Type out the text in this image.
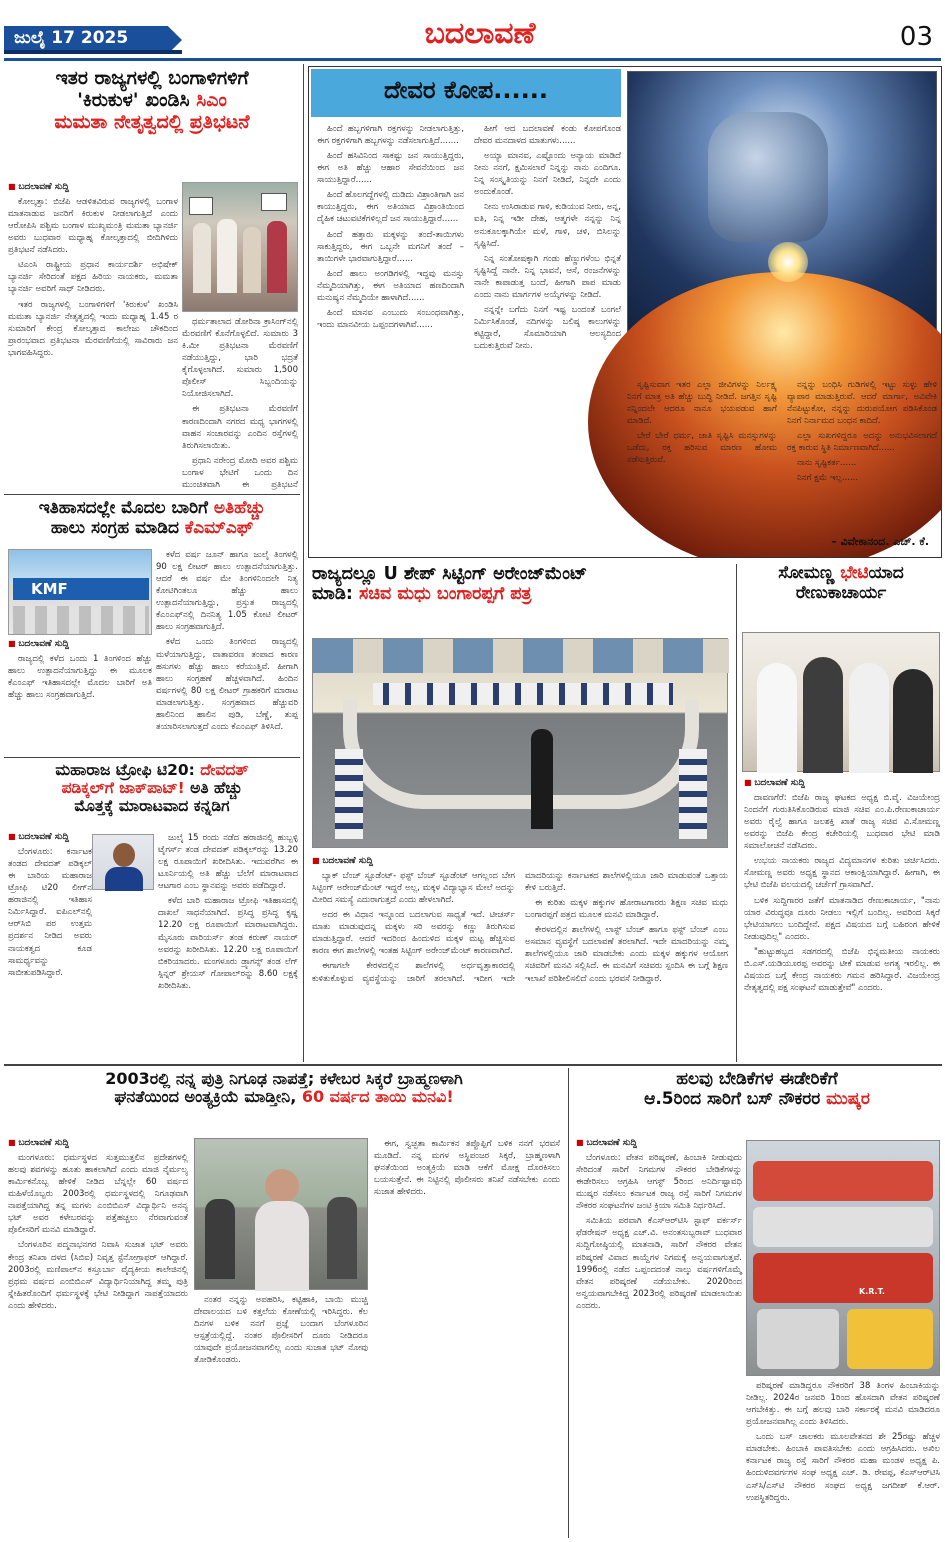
ಜುಲೈ 17 2025	ಬದಲಾವಣೆ	03
ಇತರ ರಾಜ್ಯಗಳಲ್ಲಿ ಬಂಗಾಳಿಗಳಿಗೆ
'ಕಿರುಕುಳ' ಖಂಡಿಸಿ ಸಿಎಂ
ಮಮತಾ ನೇತೃತ್ವದಲ್ಲಿ ಪ್ರತಿಭಟನೆ
■ ಬದಲಾವಣೆ ಸುದ್ದಿ

ಕೋಲ್ಕತ್ತಾ: ಬಿಜೆಪಿ ಆಡಳಿತವಿರುವ ರಾಜ್ಯಗಳಲ್ಲಿ ಬಂಗಾಳ ಮಾತನಾಡುವ ಜನರಿಗೆ ಕಿರುಕುಳ ನೀಡಲಾಗುತ್ತಿದೆ ಎಂದು ಆರೋಪಿಸಿ ಪಶ್ಚಿಮ ಬಂಗಾಳ ಮುಖ್ಯಮಂತ್ರಿ ಮಮತಾ ಬ್ಯಾನರ್ಜಿ ಅವರು ಬುಧವಾರ ಮಧ್ಯಾಹ್ನ ಕೋಲ್ಕತ್ತಾದಲ್ಲಿ ಬೀದಿಗಿಳಿದು ಪ್ರತಿಭಟನೆ ನಡೆಸಿದರು.

ಟಿಎಂಸಿ ರಾಷ್ಟ್ರೀಯ ಪ್ರಧಾನ ಕಾರ್ಯದರ್ಶಿ ಅಭಿಷೇಕ್ ಬ್ಯಾನರ್ಜಿ ಸೇರಿದಂತೆ ಪಕ್ಷದ ಹಿರಿಯ ನಾಯಕರು, ಮಮತಾ ಬ್ಯಾನರ್ಜಿ ಅವರಿಗೆ ಸಾಥ್ ನೀಡಿದರು.

ಇತರ ರಾಜ್ಯಗಳಲ್ಲಿ ಬಂಗಾಳಿಗಳಿಗೆ 'ಕಿರುಕುಳ' ಖಂಡಿಸಿ ಮಮತಾ ಬ್ಯಾನರ್ಜಿ ನೇತೃತ್ವದಲ್ಲಿ ಇಂದು ಮಧ್ಯಾಹ್ನ 1.45 ರ ಸುಮಾರಿಗೆ ಕೇಂದ್ರ ಕೋಲ್ಕತ್ತಾದ ಕಾಲೇಜು ಚೌಕದಿಂದ ಪ್ರಾರಂಭವಾದ ಪ್ರತಿಭಟನಾ ಮೆರವಣಿಗೆಯಲ್ಲಿ ಸಾವಿರಾರು ಜನ ಭಾಗವಹಿಸಿದ್ದರು.

ಧರ್ಮತಾಲಾದ ಡೋರಿನಾ ಕ್ರಾಸಿಂಗ್‌ನಲ್ಲಿ ಮೆರವಣಿಗೆ ಕೊನೆಗೊಳ್ಳಲಿದೆ. ಸುಮಾರು 3 ಕಿ.ಮೀ ಪ್ರತಿಭಟನಾ ಮೆರವಣಿಗೆ ನಡೆಯುತ್ತಿದ್ದು, ಭಾರಿ ಭದ್ರತೆ ಕೈಗೊಳ್ಳಲಾಗಿದೆ. ಸುಮಾರು 1,500 ಪೊಲೀಸ್ ಸಿಬ್ಬಂದಿಯನ್ನು ನಿಯೋಜಿಸಲಾಗಿದೆ.

ಈ ಪ್ರತಿಭಟನಾ ಮೆರವಣಿಗೆ ಕಾರಣದಿಂದಾಗಿ ನಗರದ ಮಧ್ಯ ಭಾಗಗಳಲ್ಲಿ ವಾಹನ ಸಂಚಾರವನ್ನು ಎಂದಿನ ರಸ್ತೆಗಳಲ್ಲಿ ತಿರುಗಿಸಲಾಯಿತು.

ಪ್ರಧಾನಿ ನರೇಂದ್ರ ಮೋದಿ ಅವರ ಪಶ್ಚಿಮ ಬಂಗಾಳ ಭೇಟಿಗೆ ಒಂದು ದಿನ ಮುಂಚಿತವಾಗಿ ಈ ಪ್ರತಿಭಟನೆ

ಇತಿಹಾಸದಲ್ಲೇ ಮೊದಲ ಬಾರಿಗೆ ಅತಿಹೆಚ್ಚು
ಹಾಲು ಸಂಗ್ರಹ ಮಾಡಿದ ಕೆಎಮ್‌ಎಫ್
KMF
■ ಬದಲಾವಣೆ ಸುದ್ದಿ

ರಾಜ್ಯದಲ್ಲಿ ಕಳೆದ ಒಂದು 1 ತಿಂಗಳಿಂದ ಹೆಚ್ಚು ಹಾಲು ಉತ್ಪಾದನೆಯಾಗುತ್ತಿದ್ದು ಈ ಮೂಲಕ ಕೆಎಂಎಫ್ ಇತಿಹಾಸದಲ್ಲೇ ಮೊದಲ ಬಾರಿಗೆ ಅತಿ ಹೆಚ್ಚು ಹಾಲು ಸಂಗ್ರಹವಾಗುತ್ತಿದೆ.

ಕಳೆದ ವರ್ಷ ಜೂನ್ ಹಾಗೂ ಜುಲೈ ತಿಂಗಳಲ್ಲಿ 90 ಲಕ್ಷ ಲೀಟರ್ ಹಾಲು ಉತ್ಪಾದನೆಯಾಗುತ್ತಿತ್ತು. ಆದರೆ ಈ ವರ್ಷ ಮೇ ತಿಂಗಳಿನಿಂದಲೇ ನಿತ್ಯ ಕೋಟಿಗಿಂತಲೂ ಹೆಚ್ಚು ಹಾಲು ಉತ್ಪಾದನೆಯಾಗುತ್ತಿದ್ದು, ಪ್ರಸ್ತುತ ರಾಜ್ಯದಲ್ಲಿ ಕೆಎಂಎಫ್‌ನಲ್ಲಿ ದಿನನಿತ್ಯ 1.05 ಕೋಟಿ ಲೀಟರ್ ಹಾಲು ಸಂಗ್ರಹವಾಗುತ್ತಿದೆ.

ಕಳೆದ ಒಂದು ತಿಂಗಳಿಂದ ರಾಜ್ಯದಲ್ಲಿ ಮಳೆಯಾಗುತ್ತಿದ್ದು, ವಾತಾವರಣ ತಂಪಾದ ಕಾರಣ ಹಸುಗಳು ಹೆಚ್ಚು ಹಾಲು ಕರೆಯುತ್ತಿವೆ. ಹೀಗಾಗಿ ಹಾಲು ಸಂಗ್ರಹಣೆ ಹೆಚ್ಚಳವಾಗಿದೆ. ಹಿಂದಿನ ವರ್ಷಗಳಲ್ಲಿ 80 ಲಕ್ಷ ಲೀಟರ್ ಗ್ರಾಹಕರಿಗೆ ಮಾರಾಟ ಮಾಡಲಾಗುತ್ತಿತ್ತು. ಸಂಗ್ರಹವಾದ ಹೆಚ್ಚುವರಿ ಹಾಲಿನಿಂದ ಹಾಲಿನ ಪುಡಿ, ಬೆಣ್ಣೆ, ತುಪ್ಪ ತಯಾರಿಸಲಾಗುತ್ತದೆ ಎಂದು ಕೆಎಂಎಫ್ ತಿಳಿಸಿದೆ.

ಮಹಾರಾಜ ಟ್ರೋಫಿ ಟಿ20: ದೇವದತ್
ಪಡಿಕ್ಕಲ್‌ಗೆ ಜಾಕ್‌ಪಾಟ್! ಅತಿ ಹೆಚ್ಚು
ಮೊತ್ತಕ್ಕೆ ಮಾರಾಟವಾದ ಕನ್ನಡಿಗ
■ ಬದಲಾವಣೆ ಸುದ್ದಿ

ಬೆಂಗಳೂರು: ಕರ್ನಾಟಕ ತಂಡದ ದೇವದತ್ ಪಡಿಕ್ಕಲ್ ಈ ಬಾರಿಯ ಮಹಾರಾಜ ಟ್ರೋಫಿ ಟಿ20 ಲೀಗ್‌ನ ಹರಾಜಿನಲ್ಲಿ ಇತಿಹಾಸ ನಿರ್ಮಿಸಿದ್ದಾರೆ. ಐಪಿಎಲ್‌ನಲ್ಲಿ ಆರ್‌ಸಿಬಿ ಪರ ಉತ್ತಮ ಪ್ರದರ್ಶನ ನೀಡಿದ ಅವರು ನಾಯಕತ್ವದ ಕೂಡ ಸಾಮರ್ಥ್ಯವನ್ನು ಸಾಬೀತುಪಡಿಸಿದ್ದಾರೆ.

ಜುಲೈ 15 ರಂದು ನಡೆದ ಹರಾಜಿನಲ್ಲಿ ಹುಬ್ಬಳ್ಳಿ ಟೈಗರ್ಸ್ ತಂಡ ದೇವದತ್ ಪಡಿಕ್ಕಲ್‌ರನ್ನು 13.20 ಲಕ್ಷ ರೂಪಾಯಿಗೆ ಖರೀದಿಸಿತು. ಇದುವರೆಗಿನ ಈ ಟೂರ್ನಿಯಲ್ಲಿ ಅತಿ ಹೆಚ್ಚು ಬೆಲೆಗೆ ಮಾರಾಟವಾದ ಆಟಗಾರ ಎಂಬ ಸ್ಥಾನವನ್ನು ಅವರು ಪಡೆದಿದ್ದಾರೆ.

ಕಳೆದ ಬಾರಿ ಮಹಾರಾಜ ಟ್ರೋಫಿ ಇತಿಹಾಸದಲ್ಲಿ ದಾಖಲೆ ಸಾಧನೆಯಾಗಿದೆ. ಪ್ರಸಿದ್ಧ ಪ್ರಸಿದ್ಧ ಕೃಷ್ಣ 12.20 ಲಕ್ಷ ರೂಪಾಯಿಗೆ ಮಾರಾಟವಾಗಿದ್ದರು. ಮೈಸೂರು ವಾರಿಯರ್ಸ್ ತಂಡ ಕರುಣ್ ನಾಯರ್ ಅವರನ್ನು ಖರೀದಿಸಿತು. 12.20 ಲಕ್ಷ ರೂಪಾಯಿಗೆ ಬಿಕರಿಯಾದರು. ಮಂಗಳೂರು ಡ್ರ್ಯಾಗನ್ಸ್ ತಂಡ ಲೆಗ್ ಸ್ಪಿನ್ನರ್ ಶ್ರೇಯಸ್ ಗೋಪಾಲ್‌ರನ್ನು 8.60 ಲಕ್ಷಕ್ಕೆ ಖರೀದಿಸಿತು.

ದೇವರ ಕೋಪ......

ಹಿಂದೆ ಹಬ್ಬಗಳಿಗಾಗಿ ರಕ್ತಗಳನ್ನು ನೀಡಲಾಗುತ್ತಿತ್ತು, ಈಗ ರಕ್ತಗಳಿಗಾಗಿ ಹಬ್ಬಗಳನ್ನು ನಡೆಸಲಾಗುತ್ತಿದೆ.......

ಹಿಂದೆ ಹಸಿವಿನಿಂದ ಸಾಕಷ್ಟು ಜನ ಸಾಯುತ್ತಿದ್ದರು, ಈಗ ಅತಿ ಹೆಚ್ಚು ಆಹಾರ ಸೇವನೆಯಿಂದ ಜನ ಸಾಯುತ್ತಿದ್ದಾರೆ......

ಹಿಂದೆ ಹೊಲಗದ್ದೆಗಳಲ್ಲಿ ದುಡಿದು ವಿಶ್ರಾಂತಿಗಾಗಿ ಜನ ಕಾಯುತ್ತಿದ್ದರು, ಈಗ ಅತಿಯಾದ ವಿಶ್ರಾಂತಿಯಿಂದ ದೈಹಿಕ ಚಟುವಟಿಕೆಗಳಿಲ್ಲದೆ ಜನ ಸಾಯುತ್ತಿದ್ದಾರೆ......

ಹಿಂದೆ ಹತ್ತಾರು ಮಕ್ಕಳನ್ನು ತಂದೆ-ತಾಯಿಗಳು ಸಾಕುತ್ತಿದ್ದರು, ಈಗ ಒಬ್ಬನೇ ಮಗನಿಗೆ ತಂದೆ – ತಾಯಿಗಳೇ ಭಾರವಾಗುತ್ತಿದ್ದಾರೆ......

ಹಿಂದೆ ಹಾಲು ಅಂಗಡಿಗಳಲ್ಲಿ ಇದ್ದವು ಮನಸ್ಸು ನೆಮ್ಮದಿಯಾಗಿತ್ತು, ಈಗ ಅತಿಯಾದ ಹಣದಿಂದಾಗಿ ಮನುಷ್ಯನ ನೆಮ್ಮದಿಯೇ ಹಾಳಾಗಿದೆ......

ಹಿಂದೆ ಮಾನವ ಎಂಬುದು ಸಂಬಂಧವಾಗಿತ್ತು, ಇಂದು ಮಾನವೀಯ ಒಪ್ಪಂದಗಳಾಗಿವೆ......

ಹೀಗೆ ಆದ ಬದಲಾವಣೆ ಕಂಡು ಕೋಪಗೊಂಡ ದೇವರ ಮನದಾಳದ ಮಾತುಗಳು......

ಅಯ್ಯಾ ಮಾನವ, ಎಷ್ಟೊಂದು ಅನ್ಯಾಯ ಮಾಡಿದೆ ನೀನು ನನಗೆ, ಕ್ಷಮಿಸಲಾರೆ ನಿನ್ನನ್ನು ನಾನು ಎಂದಿಗೂ. ನಿನ್ನ ಸಂಸ್ಕೃತಿಯನ್ನು ನಿನಗೆ ನೀಡಿದೆ, ನಿನ್ನದೇ ಎಂದು ಅಂದುಕೊಂಡೆ.

ನೀನು ಉಸಿರಾಡುವ ಗಾಳಿ, ಕುಡಿಯುವ ನೀರು, ಅನ್ನ, ಐತಿ, ನಿನ್ನ ಇಡೀ ದೇಹ, ಆತ್ಮಗಳೇ ನನ್ನನ್ನು ನಿನ್ನ ಅನುಕೂಲಕ್ಕಾಗಿಯೇ ಮಳೆ, ಗಾಳಿ, ಚಳಿ, ಬಿಸಿಲನ್ನು ಸೃಷ್ಟಿಸಿದೆ.

ನಿನ್ನ ಸಂತೋಷಕ್ಕಾಗಿ ಗಂಡು ಹೆಣ್ಣುಗಳೆಂಬ ಭಿನ್ನತೆ ಸೃಷ್ಟಿಸಿದ್ದೆ ನಾನೇ. ನಿನ್ನ ಭಾವನೆ, ಆಸೆ, ರಂಜನೆಗಳನ್ನು ನಾನೇ ಕಾಪಾಡುತ್ತ ಬಂದೆ, ಹೀಗಾಗಿ ಪಾಪ ಮಾಡು ಎಂದು ನಾನು ಮಾರ್ಗಗಳ ಅಯ್ಕೆಗಳನ್ನು ನೀಡಿದೆ.

ನನ್ನನ್ನೇ ಬಗೆದು ನಿನಗೆ ಇಷ್ಟ ಬಂದಂತೆ ಬಂಗಲೆ ನಿರ್ಮಿಸಿಕೊಂಡೆ, ನದಿಗಳನ್ನು ಬಲಿಷ್ಠ ಕಾಲುಗಳನ್ನು ಕಟ್ಟಿದ್ದಾರೆ, ಸೊಮಾರಿಯಾಗಿ ಆಲಸ್ಯದಿಂದ ಬದುಕುತ್ತಿರುವೆ ನೀನು.

ಸೃಷ್ಟಿಸುವಾಗ ಇತರ ಎಲ್ಲಾ ಜೀವಿಗಳನ್ನು ನಿರ್ಲಕ್ಷ್ಯ ನಿನಗೆ ಮಾತ್ರ ಅತಿ ಹೆಚ್ಚು ಬುದ್ಧಿ ನೀಡಿದೆ. ಜಗತ್ತಿನ ಸೃಷ್ಟಿ ನನ್ನಿಂದಲೇ ಆದರೂ ನಾನೂ ಭಯಪಡುವ ಹಾಗೆ ಮಾಡಿದೆ.

ಬೇರೆ ಬೇರೆ ಧರ್ಮ, ಜಾತಿ ಸೃಷ್ಟಿಸಿ ಮನಸ್ಸುಗಳನ್ನು ಒಡೆದು, ರಕ್ತ ಹರಿಸುವ ಮಾರಣ ಹೋಮ ನಡೆಸುತ್ತಿರುವೆ.

ನನ್ನನ್ನು ಬಂಧಿಸಿ ಗುಡಿಗಳಲ್ಲಿ ಇಟ್ಟು ಸುಳ್ಳು ಹೇಳಿ ವ್ಯಾಪಾರ ಮಾಡುತ್ತಿರುವೆ. ಆದರೆ ಮಾರ್ಗಾ, ಅವಿವೇಕಿ ನೆನಪಿಟ್ಟುಕೋ, ನನ್ನನ್ನು ದುರುಪಯೋಗ ಪಡಿಸಿಕೊಂಡ ನಿನಗೆ ನಿರ್ನಾಮದ ಬಂಧನ ಕಾದಿದೆ.

ಎಲ್ಲಾ ಸುಖಗಳಿದ್ದರೂ ಅದನ್ನು ಅನುಭವಿಸಲಾಗದೆ ರಕ್ತ ಕಾರುವ ಸ್ಥಿತಿ ನಿರ್ಮಾಣವಾಗಿದೆ......

ನಾನು ಸೃಷ್ಟಿಕರ್ತ......

ನಿನಗೆ ಕ್ಷಮೆ ಇಲ್ಲ......

– ವಿವೇಕಾನಂದ. ಎಚ್. ಕೆ.
ರಾಜ್ಯದಲ್ಲೂ U ಶೇಪ್ ಸಿಟ್ಟಿಂಗ್ ಅರೇಂಜ್‌ಮೆಂಟ್
ಮಾಡಿ: ಸಚಿವ ಮಧು ಬಂಗಾರಪ್ಪಗೆ ಪತ್ರ
■ ಬದಲಾವಣೆ ಸುದ್ದಿ

ಬ್ಯಾಕ್ ಬೆಂಚ್ ಸ್ಟೂಡೆಂಟ್- ಫಸ್ಟ್ ಬೆಂಚ್ ಸ್ಟೂಡೆಂಟ್ ಆಗಲ್ಲಂದ ಬೇಗ ಸಿಟ್ಟಿಂಗ್ ಅರೇಂಜ್‌ಮೆಂಟ್ ಇದ್ದರೆ ಅಲ್ಲ, ಮಕ್ಕಳ ವಿದ್ಯಾಭ್ಯಾಸ ಮೇಲೆ ಅದನ್ನು ಮೀರಿದ ಸಮಸ್ಯೆ ಎದುರಾಗುತ್ತದೆ ಎಂದು ಹೇಳಲಾಗಿದೆ.

ಅದರ ಈ ವಿಧಾನ ಇನ್ನೂಂದ ಬದಲಾಗುವ ಸಾಧ್ಯತೆ ಇದೆ. ಟೀಚರ್ಸ್ ಮಾತು ಮಾಡುವುದನ್ನ ಮಕ್ಕಳು ಸರಿ ಅವರನ್ನು ಕಣ್ಣು ತಿರುಗಿಸುವ ಮಾಡುತ್ತಿದ್ದಾರೆ. ಆದರೆ ಇದರಿಂದ ಹಿಂದುಳಿದ ಮಕ್ಕಳ ಮಟ್ಟ ಹೆಚ್ಚಿಸುವ ಕಾರಣ ಈಗ ಶಾಲೆಗಳಲ್ಲಿ ಇಂತಹ ಸಿಟ್ಟಿಂಗ್ ಅರೇಂಜ್‌ಮೆಂಟ್ ಕಾರಣವಾಗಿದೆ.

ಈಗಾಗಲೇ ಕೇರಳದಲ್ಲಿನ ಶಾಲೆಗಳಲ್ಲಿ ಅರ್ಧವೃತ್ತಾಕಾರದಲ್ಲಿ ಕುಳಿತುಕೊಳ್ಳುವ ವ್ಯವಸ್ಥೆಯನ್ನು ಜಾರಿಗೆ ತರಲಾಗಿದೆ. ಇದೀಗ ಇದೇ ಮಾದರಿಯನ್ನು ಕರ್ನಾಟಕದ ಶಾಲೆಗಳಲ್ಲಿಯೂ ಜಾರಿ ಮಾಡುವಂತೆ ಒತ್ತಾಯ ಕೇಳಿ ಬರುತ್ತಿದೆ.

ಈ ಕುರಿತು ಮಕ್ಕಳ ಹಕ್ಕುಗಳ ಹೋರಾಟಗಾರರು ಶಿಕ್ಷಣ ಸಚಿವ ಮಧು ಬಂಗಾರಪ್ಪಗೆ ಪತ್ರದ ಮೂಲಕ ಮನವಿ ಮಾಡಿದ್ದಾರೆ.

ಕೇರಳದಲ್ಲಿನ ಶಾಲೆಗಳಲ್ಲಿ ಲಾಸ್ಟ್ ಬೆಂಚ್ ಹಾಗೂ ಫಸ್ಟ್ ಬೆಂಚ್ ಎಂಬ ಅಸಮಾನ ವ್ಯವಸ್ಥೆಗೆ ಬದಲಾವಣೆ ತರಲಾಗಿದೆ. ಇದೇ ಮಾದರಿಯನ್ನು ನಮ್ಮ ಶಾಲೆಗಳಲ್ಲಿಯೂ ಜಾರಿ ಮಾಡಬೇಕು ಎಂದು ಮಕ್ಕಳ ಹಕ್ಕುಗಳ ಆಯೋಗ ಸಚಿವರಿಗೆ ಮನವಿ ಸಲ್ಲಿಸಿದೆ. ಈ ಮನವಿಗೆ ಸಚಿವರು ಸ್ಪಂದಿಸಿ ಈ ಬಗ್ಗೆ ಶಿಕ್ಷಣ ಇಲಾಖೆ ಪರಿಶೀಲಿಸಲಿದೆ ಎಂದು ಭರವಸೆ ನೀಡಿದ್ದಾರೆ.

ಸೋಮಣ್ಣ ಭೇಟಿಯಾದ
ರೇಣುಕಾಚಾರ್ಯ
■ ಬದಲಾವಣೆ ಸುದ್ದಿ

ದಾವಣಗೆರೆ: ಬಿಜೆಪಿ ರಾಜ್ಯ ಘಟಕದ ಅಧ್ಯಕ್ಷ ಬಿ.ವೈ. ವಿಜಯೇಂದ್ರ ನಿಂದನೆಗೆ ಗುರುತಿಸಿಕೊಂಡಿರುವ ಮಾಜಿ ಸಚಿವ ಎಂ.ಪಿ.ರೇಣುಕಾಚಾರ್ಯ ಅವರು ರೈಲ್ವೆ ಹಾಗೂ ಜಲಶಕ್ತಿ ಖಾತೆ ರಾಜ್ಯ ಸಚಿವ ವಿ.ಸೋಮಣ್ಣ ಅವರನ್ನು ಬಿಜೆಪಿ ಕೇಂದ್ರ ಕಚೇರಿಯಲ್ಲಿ ಬುಧವಾರ ಭೇಟಿ ಮಾಡಿ ಸಮಾಲೋಚನೆ ನಡೆಸಿದರು.

ಉಭಯ ನಾಯಕರು ರಾಜ್ಯದ ವಿದ್ಯಮಾನಗಳ ಕುರಿತು ಚರ್ಚಿಸಿದರು. ಸೋಮಣ್ಣ ಅವರು ಅಧ್ಯಕ್ಷ ಸ್ಥಾನದ ಆಕಾಂಕ್ಷಿಯಾಗಿದ್ದಾರೆ. ಹೀಗಾಗಿ, ಈ ಭೇಟಿ ಬಿಜೆಪಿ ವಲಯದಲ್ಲಿ ಚರ್ಚೆಗೆ ಗ್ರಾಸವಾಗಿದೆ.

ಬಳಿಕ ಸುದ್ದಿಗಾರರ ಜತೆಗೆ ಮಾತನಾಡಿದ ರೇಣುಕಾಚಾರ್ಯ, "ನಾನು ಯಾರ ವಿರುದ್ಧವೂ ದೂರು ನೀಡಲು ಇಲ್ಲಿಗೆ ಬಂದಿಲ್ಲ. ಅವರಿಂದ ಸಿಕ್ಕರೆ ಭೇಟಿಯಾಗಲು ಬಂದಿದ್ದೇನೆ. ಪಕ್ಷದ ವಿಷಯದ ಬಗ್ಗೆ ಬಹಿರಂಗ ಹೇಳಿಕೆ ನೀಡುವುದಿಲ್ಲ" ಎಂದರು.

"ಹುಟ್ಟುಹಬ್ಬದ ಸಡಗರದಲ್ಲಿ ಬಿಜೆಪಿ ಭಿನ್ನಮತೀಯ ನಾಯಕರು ಬಿ.ಎಸ್.ಯಡಿಯೂರಪ್ಪ ಅವರನ್ನು ಟೀಕೆ ಮಾಡುವ ಅಗತ್ಯ ಇರಲಿಲ್ಲ. ಈ ವಿಷಯದ ಬಗ್ಗೆ ಕೇಂದ್ರ ನಾಯಕರು ಗಮನ ಹರಿಸಿದ್ದಾರೆ. ವಿಜಯೇಂದ್ರ ನೇತೃತ್ವದಲ್ಲಿ ಪಕ್ಷ ಸಂಘಟನೆ ಮಾಡುತ್ತೇವೆ" ಎಂದರು.

2003ರಲ್ಲಿ ನನ್ನ ಪುತ್ರಿ ನಿಗೂಢ ನಾಪತ್ತೆ; ಕಳೇಬರ ಸಿಕ್ಕರೆ ಬ್ರಾಹ್ಮಣಳಾಗಿ
ಘನತೆಯಿಂದ ಅಂತ್ಯಕ್ರಿಯೆ ಮಾಡ್ತೀನಿ, 60 ವರ್ಷದ ತಾಯಿ ಮನವಿ!
■ ಬದಲಾವಣೆ ಸುದ್ದಿ

ಮಂಗಳೂರು: ಧರ್ಮಸ್ಥಳದ ಸುತ್ತಮುತ್ತಲಿನ ಪ್ರದೇಶಗಳಲ್ಲಿ ಹಲವು ಶವಗಳನ್ನು ಹೂತು ಹಾಕಲಾಗಿದೆ ಎಂದು ಮಾಜಿ ನೈರ್ಮಲ್ಯ ಕಾರ್ಮಿಕನೊಬ್ಬ ಹೇಳಿಕೆ ನೀಡಿದ ಬೆನ್ನಲ್ಲೇ 60 ವರ್ಷದ ಮಹಿಳೆಯೊಬ್ಬರು 2003ರಲ್ಲಿ ಧರ್ಮಸ್ಥಳದಲ್ಲಿ ನಿಗೂಢವಾಗಿ ನಾಪತ್ತೆಯಾಗಿದ್ದ ತನ್ನ ಮಗಳು ಎಂಬಿಬಿಎಸ್ ವಿದ್ಯಾರ್ಥಿನಿ ಅನನ್ಯ ಭಟ್ ಅವರ ಕಳೇಬರವನ್ನು ಪತ್ತೆಹಚ್ಚಲು ನೆರವಾಗುವಂತೆ ಪೊಲೀಸರಿಗೆ ಮನವಿ ಮಾಡಿದ್ದಾರೆ.

ಬೆಂಗಳೂರಿನ ಪದ್ಮನಾಭನಗರ ನಿವಾಸಿ ಸುಜಾತ ಭಟ್ ಅವರು ಕೇಂದ್ರ ತನಿಖಾ ದಳದ (ಸಿಬಿಐ) ನಿವೃತ್ತ ಸ್ಟೆನೋಗ್ರಾಫರ್ ಆಗಿದ್ದಾರೆ. 2003ರಲ್ಲಿ ಮಣಿಪಾಲ್‌ನ ಕಸ್ತೂರ್ಬಾ ವೈದ್ಯಕೀಯ ಕಾಲೇಜಿನಲ್ಲಿ ಪ್ರಥಮ ವರ್ಷದ ಎಂಬಿಬಿಎಸ್ ವಿದ್ಯಾರ್ಥಿನಿಯಾಗಿದ್ದ ತಮ್ಮ ಪುತ್ರಿ ಸ್ನೇಹಿತರೊಂದಿಗೆ ಧರ್ಮಸ್ಥಳಕ್ಕೆ ಭೇಟಿ ನೀಡಿದ್ದಾಗ ನಾಪತ್ತೆಯಾದರು ಎಂದು ಹೇಳಿದರು.

ನಂತರ ನನ್ನನ್ನು ಅಪಹರಿಸಿ, ಕಟ್ಟಿಹಾಕಿ, ಬಾಯಿ ಮುಚ್ಚಿ ದೇವಾಲಯದ ಬಳಿ ಕತ್ತಲೆಯ ಕೋಣೆಯಲ್ಲಿ ಇರಿಸಿದ್ದರು. ಕೆಲ ದಿನಗಳ ಬಳಿಕ ನನಗೆ ಪ್ರಜ್ಞೆ ಬಂದಾಗ ಬೆಂಗಳೂರಿನ ಆಸ್ಪತ್ರೆಯಲ್ಲಿದ್ದೆ. ನಂತರ ಪೊಲೀಸರಿಗೆ ದೂರು ನೀಡಿದರೂ ಯಾವುದೇ ಪ್ರಯೋಜನವಾಗಲಿಲ್ಲ ಎಂದು ಸುಜಾತ ಭಟ್ ನೋವು ತೋಡಿಕೊಂಡರು.

ಈಗ, ಸ್ವಚ್ಛತಾ ಕಾರ್ಮಿಕನ ತಪ್ಪೊಪ್ಪಿಗೆ ಬಳಿಕ ನನಗೆ ಭರವಸೆ ಮೂಡಿದೆ. ನನ್ನ ಮಗಳ ಅಸ್ಥಿಪಂಜರ ಸಿಕ್ಕರೆ, ಬ್ರಾಹ್ಮಣಳಾಗಿ ಘನತೆಯಿಂದ ಅಂತ್ಯಕ್ರಿಯೆ ಮಾಡಿ ಆಕೆಗೆ ಮೋಕ್ಷ ದೊರಕಿಸಲು ಬಯಸುತ್ತೇನೆ. ಈ ನಿಟ್ಟಿನಲ್ಲಿ ಪೊಲೀಸರು ತನಿಖೆ ನಡೆಸಬೇಕು ಎಂದು ಸುಜಾತ ಹೇಳಿದರು.

ಹಲವು ಬೇಡಿಕೆಗಳ ಈಡೇರಿಕೆಗೆ
ಆ.5ರಿಂದ ಸಾರಿಗೆ ಬಸ್ ನೌಕರರ ಮುಷ್ಕರ
■ ಬದಲಾವಣೆ ಸುದ್ದಿ
K.R.T.

ಬೆಂಗಳೂರು: ವೇತನ ಪರಿಷ್ಕರಣೆ, ಹಿಂಬಾಕಿ ನೀಡುವುದು ಸೇರಿದಂತೆ ಸಾರಿಗೆ ನಿಗಮಗಳ ನೌಕರರ ಬೇಡಿಕೆಗಳನ್ನು ಈಡೇರಿಸಲು ಆಗ್ರಹಿಸಿ ಆಗಸ್ಟ್ 5ರಿಂದ ಅನಿರ್ದಿಷ್ಟಾವಧಿ ಮುಷ್ಕರ ನಡೆಸಲು ಕರ್ನಾಟಕ ರಾಜ್ಯ ರಸ್ತೆ ಸಾರಿಗೆ ನಿಗಮಗಳ ನೌಕರರ ಸಂಘಟನೆಗಳ ಜಂಟಿ ಕ್ರಿಯಾ ಸಮಿತಿ ನಿರ್ಧರಿಸಿದೆ.

ಸಮಿತಿಯ ಪರವಾಗಿ ಕೆಎಸ್‌ಆರ್‌ಟಿಸಿ ಸ್ಟಾಫ್ ವರ್ಕರ್ಸ್ ಫೆಡರೇಷನ್ ಅಧ್ಯಕ್ಷ ಎಚ್.ವಿ. ಅನಂತಸುಬ್ಬರಾವ್ ಬುಧವಾರ ಸುದ್ದಿಗೋಷ್ಠಿಯಲ್ಲಿ ಮಾತನಾಡಿ, ಸಾರಿಗೆ ನೌಕರರ ವೇತನ ಪರಿಷ್ಕರಣೆ ವಿವಾದ ಕಾಯ್ದೆಗಳ ನಿಗಮಕ್ಕೆ ಅನ್ವಯವಾಗುತ್ತವೆ. 1996ರಲ್ಲಿ ನಡೆದ ಒಪ್ಪಂದದಂತೆ ನಾಲ್ಕು ವರ್ಷಗಳಿಗೊಮ್ಮೆ ವೇತನ ಪರಿಷ್ಕರಣೆ ನಡೆಯಬೇಕು. 2020ರಿಂದ ಅನ್ವಯವಾಗಬೇಕಿದ್ದ 2023ರಲ್ಲಿ ಪರಿಷ್ಕರಣೆ ಮಾಡಲಾಯಿತು ಎಂದರು.

ಪರಿಷ್ಕರಣೆ ಮಾಡಿದ್ದರೂ ನೌಕರರಿಗೆ 38 ತಿಂಗಳ ಹಿಂಬಾಕಿಯನ್ನು ನೀಡಿಲ್ಲ. 2024ರ ಜನವರಿ 1ರಿಂದ ಹೊಸದಾಗಿ ವೇತನ ಪರಿಷ್ಕರಣೆ ಆಗಬೇಕಿತ್ತು. ಈ ಬಗ್ಗೆ ಹಲವು ಬಾರಿ ಸರ್ಕಾರಕ್ಕೆ ಮನವಿ ಮಾಡಿದರೂ ಪ್ರಯೋಜನವಾಗಿಲ್ಲ ಎಂದು ತಿಳಿಸಿದರು.

ಒಂದು ಬಸ್ ಚಾಲಕರು ಮೂಲವೇತನದ ಶೇ 25ರಷ್ಟು ಹೆಚ್ಚಳ ಮಾಡಬೇಕು. ಹಿಂಬಾಕಿ ಪಾವತಿಸಬೇಕು ಎಂದು ಆಗ್ರಹಿಸಿದರು. ಅಖಿಲ ಕರ್ನಾಟಕ ರಾಜ್ಯ ರಸ್ತೆ ಸಾರಿಗೆ ನೌಕರರ ಮಹಾ ಮಂಡಳ ಅಧ್ಯಕ್ಷ ಪಿ. ಹಿಂದುಳಿದವರ್ಗಗಳ ಸಂಘ ಅಧ್ಯಕ್ಷ ಎಚ್. ಡಿ. ರೇವಪ್ಪ, ಕೆಎಸ್‌ಆರ್‌ಟಿಸಿ ಎಸ್‌ಸಿ/ಎಸ್‌ಟಿ ನೌಕರರ ಸಂಘದ ಅಧ್ಯಕ್ಷ ಜಗದೀಶ್ ಕೆ.ಆರ್. ಉಪಸ್ಥಿತರಿದ್ದರು.
